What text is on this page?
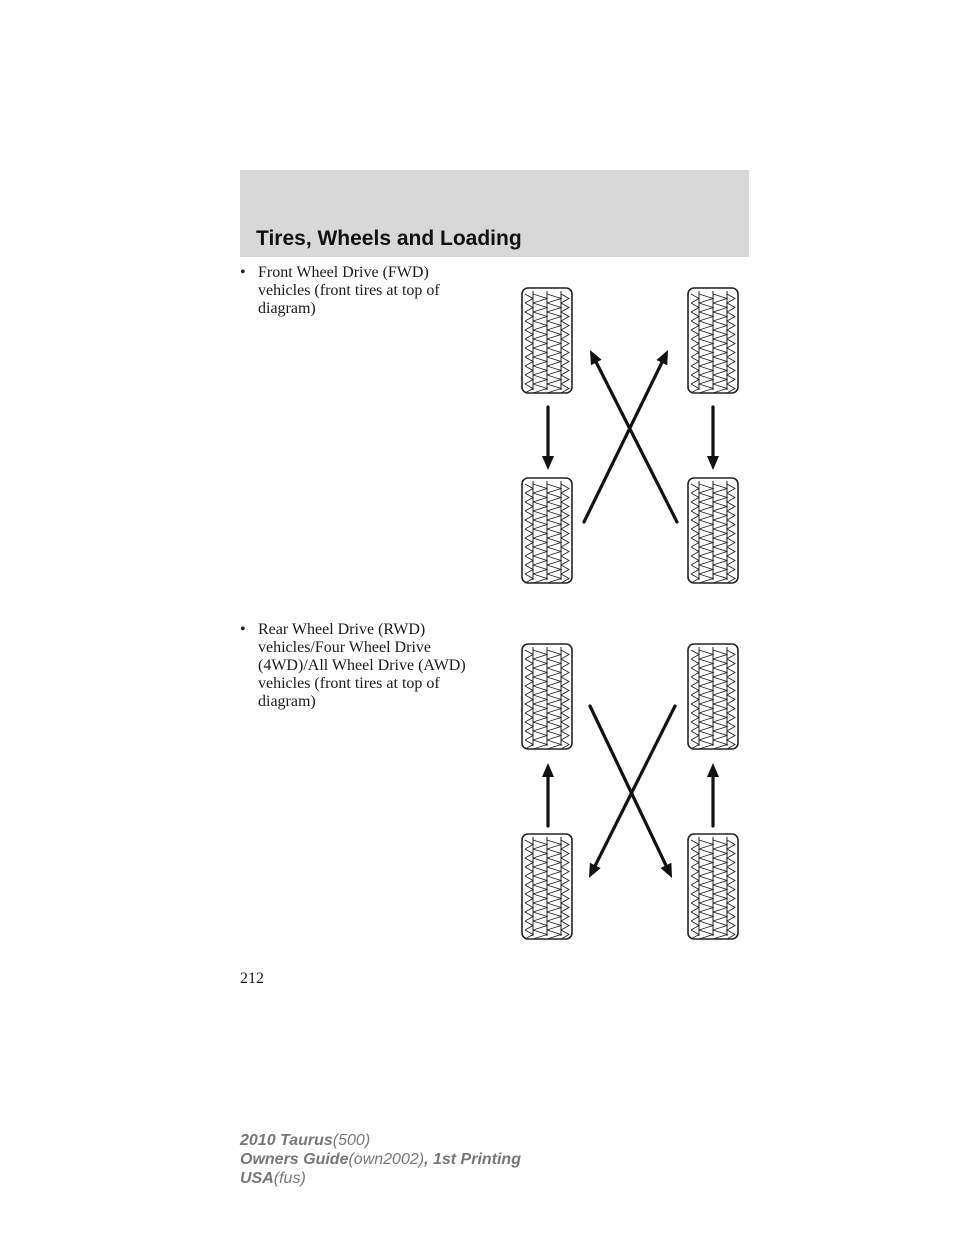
Tires, Wheels and Loading
• Front Wheel Drive (FWD)
vehicles (front tires at top of
diagram)
• Rear Wheel Drive (RWD)
vehicles/Four Wheel Drive
(4WD)/All Wheel Drive (AWD)
vehicles (front tires at top of
diagram)
212
2010 Taurus(500)
Owners Guide(own2002), 1st Printing
USA(fus)
